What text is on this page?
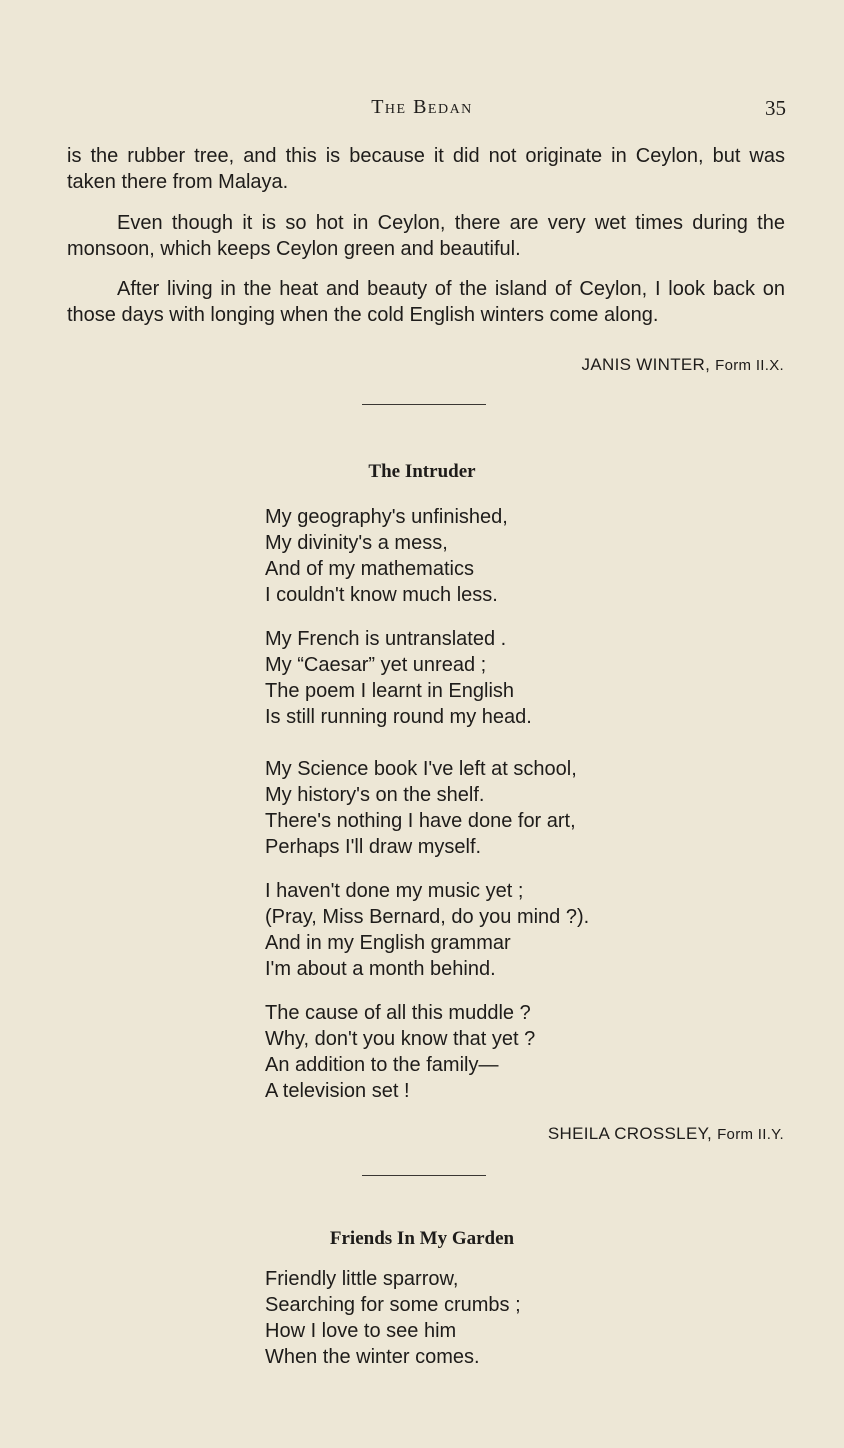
The Bedan	35

is the rubber tree, and this is because it did not originate in Ceylon, but was taken there from Malaya.

Even though it is so hot in Ceylon, there are very wet times during the monsoon, which keeps Ceylon green and beautiful.

After living in the heat and beauty of the island of Ceylon, I look back on those days with longing when the cold English winters come along.

JANIS WINTER, Form II.X.
The Intruder
My geography's unfinished,
My divinity's a mess,
And of my mathematics
I couldn't know much less.
My French is untranslated .
My “Caesar” yet unread ;
The poem I learnt in English
Is still running round my head.
My Science book I've left at school,
My history's on the shelf.
There's nothing I have done for art,
Perhaps I'll draw myself.
I haven't done my music yet ;
(Pray, Miss Bernard, do you mind ?).
And in my English grammar
I'm about a month behind.
The cause of all this muddle ?
Why, don't you know that yet ?
An addition to the family—
A television set !
SHEILA CROSSLEY, Form II.Y.
Friends In My Garden
Friendly little sparrow,
Searching for some crumbs ;
How I love to see him
When the winter comes.
